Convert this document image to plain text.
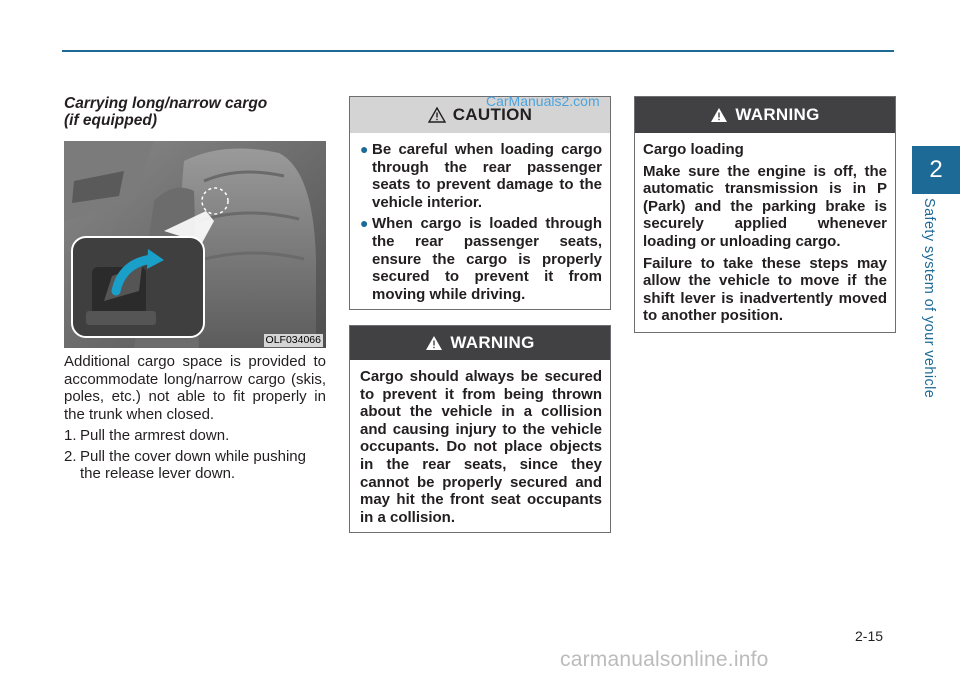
2
Safety system of your vehicle
Carrying long/narrow cargo
(if equipped)
OLF034066

Additional cargo space is provided to accommodate long/narrow cargo (skis, poles, etc.) not able to fit properly in the trunk when closed.

1. Pull the armrest down.
2. Pull the cover down while pushing the release lever down.
CAUTION
● Be careful when loading cargo through the rear passenger seats to prevent damage to the vehicle interior.
● When cargo is loaded through the rear passenger seats, ensure the cargo is properly secured to prevent it from moving while driving.
WARNING
Cargo should always be secured to prevent it from being thrown about the vehicle in a collision and causing injury to the vehicle occupants. Do not place objects in the rear seats, since they cannot be properly secured and may hit the front seat occupants in a collision.
WARNING
Cargo loading
Make sure the engine is off, the automatic transmission is in P (Park) and the parking brake is securely applied whenever loading or unloading cargo.
Failure to take these steps may allow the vehicle to move if the shift lever is inadvertently moved to another position.
CarManuals2.com
2-15
carmanualsonline.info
